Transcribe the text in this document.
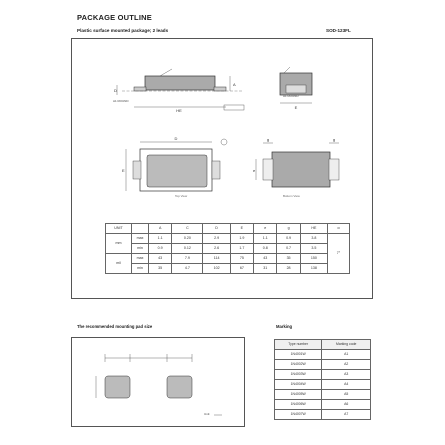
PACKAGE OUTLINE
Plastic surface mounted package; 2 leads	SOD-123FL
HE
D
A
E
D
E
g	g
e
A1 ROUND
A1 ROUND
Top View	Bottom View
UNIT		A	C	D	E	e	g	HE	α
mm	max	1.1	0.20	2.9	1.9	1.1	0.9	3.8	7°
	min	0.9	0.12	2.6	1.7	0.8	0.7	3.5	
mil	max	43	7.9	114	75	43	35	150	
	min	35	4.7	102	67	31	28	138	
The recommended mounting pad size
Unit:
Marking
Type number	Marking code
1N4001W	A1
1N4002W	A2
1N4003W	A3
1N4004W	A4
1N4005W	A5
1N4006W	A6
1N4007W	A7
